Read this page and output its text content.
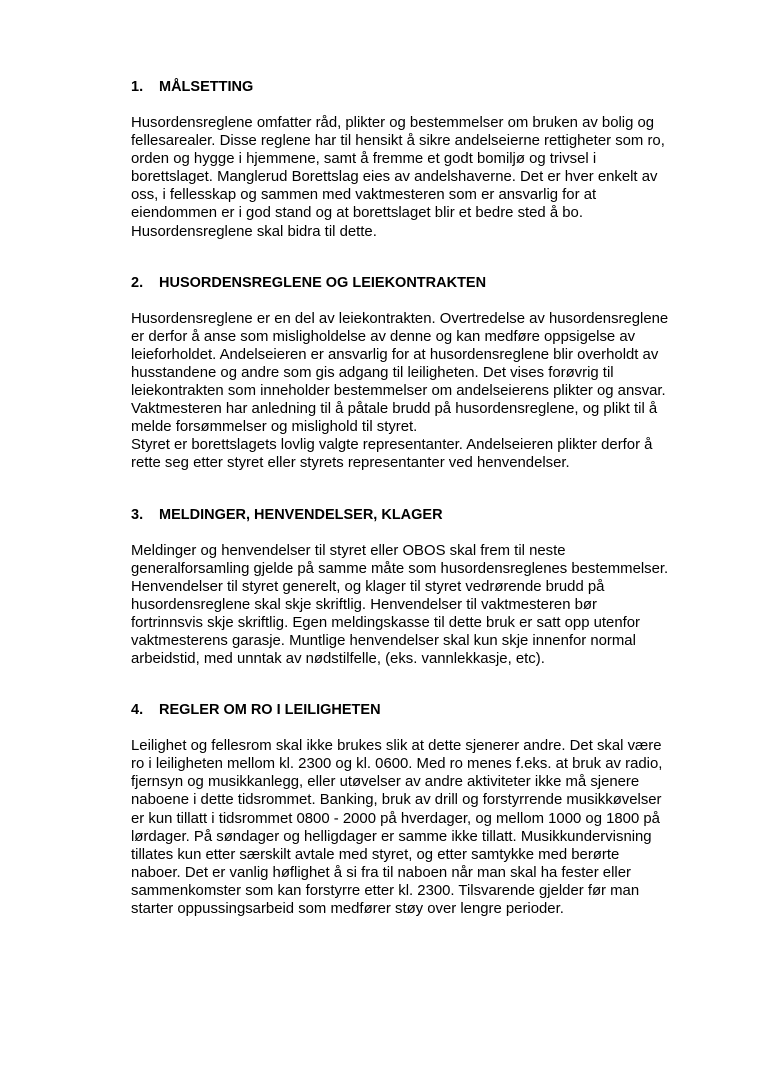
1.	MÅLSETTING

Husordensreglene omfatter råd, plikter og bestemmelser om bruken av bolig og fellesarealer. Disse reglene har til hensikt å sikre andelseierne rettigheter som ro, orden og hygge i hjemmene, samt å fremme et godt bomiljø og trivsel i borettslaget. Manglerud Borettslag eies av andelshaverne. Det er hver enkelt av oss, i fellesskap og sammen med vaktmesteren som er ansvarlig for at eiendommen er i god stand og at borettslaget blir et bedre sted å bo. Husordensreglene skal bidra til dette.

2.	HUSORDENSREGLENE OG LEIEKONTRAKTEN

Husordensreglene er en del av leiekontrakten. Overtredelse av husordensreglene er derfor å anse som misligholdelse av denne og kan medføre oppsigelse av leieforholdet. Andelseieren er ansvarlig for at husordensreglene blir overholdt av husstandene og andre som gis adgang til leiligheten. Det vises forøvrig til leiekontrakten som inneholder bestemmelser om andelseierens plikter og ansvar. Vaktmesteren har anledning til å påtale brudd på husordensreglene, og plikt til å melde forsømmelser og mislighold til styret.

Styret er borettslagets lovlig valgte representanter. Andelseieren plikter derfor å rette seg etter styret eller styrets representanter ved henvendelser.

3.	MELDINGER, HENVENDELSER, KLAGER

Meldinger og henvendelser til styret eller OBOS skal frem til neste generalforsamling gjelde på samme måte som husordensreglenes bestemmelser. Henvendelser til styret generelt, og klager til styret vedrørende brudd på husordensreglene skal skje skriftlig. Henvendelser til vaktmesteren bør fortrinnsvis skje skriftlig. Egen meldingskasse til dette bruk er satt opp utenfor vaktmesterens garasje. Muntlige henvendelser skal kun skje innenfor normal arbeidstid, med unntak av nødstilfelle, (eks. vannlekkasje, etc).

4.	REGLER OM RO I LEILIGHETEN

Leilighet og fellesrom skal ikke brukes slik at dette sjenerer andre. Det skal være ro i leiligheten mellom kl. 2300 og kl. 0600. Med ro menes f.eks. at bruk av radio, fjernsyn og musikkanlegg, eller utøvelser av andre aktiviteter ikke må sjenere naboene i dette tidsrommet. Banking, bruk av drill og forstyrrende musikkøvelser er kun tillatt i tidsrommet 0800 - 2000 på hverdager, og mellom 1000 og 1800 på lørdager. På søndager og helligdager er samme ikke tillatt. Musikkundervisning tillates kun etter særskilt avtale med styret, og etter samtykke med berørte naboer. Det er vanlig høflighet å si fra til naboen når man skal ha fester eller sammenkomster som kan forstyrre etter kl. 2300. Tilsvarende gjelder før man starter oppussingsarbeid som medfører støy over lengre perioder.
